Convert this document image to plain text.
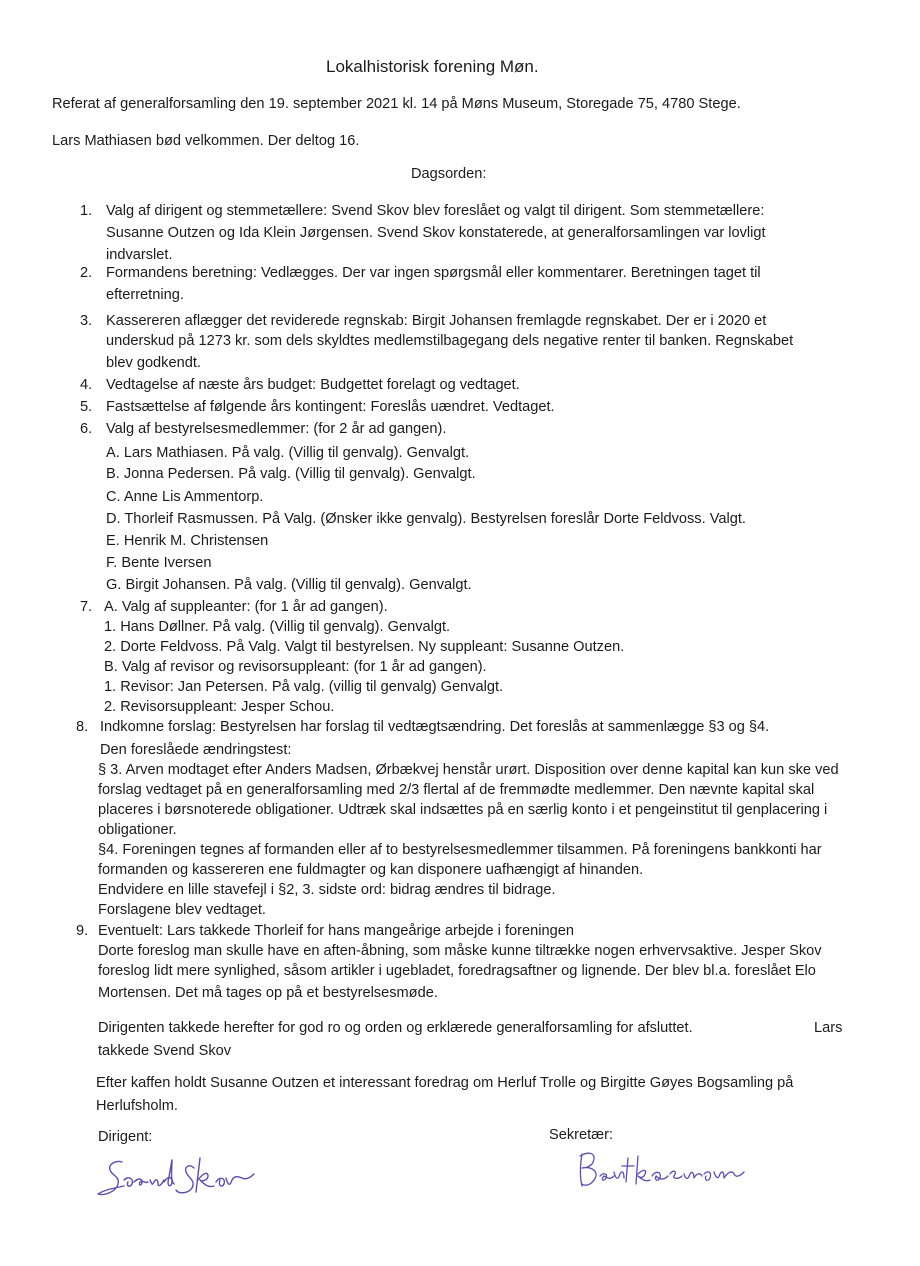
Lokalhistorisk forening Møn.
Referat af generalforsamling den 19. september 2021 kl. 14 på Møns Museum, Storegade 75, 4780 Stege.
Lars Mathiasen bød velkommen. Der deltog 16.
Dagsorden:
1. Valg af dirigent og stemmetællere: Svend Skov blev foreslået og valgt til dirigent. Som stemmetællere:
Susanne Outzen og Ida Klein Jørgensen. Svend Skov konstaterede, at generalforsamlingen var lovligt
indvarslet.
2. Formandens beretning: Vedlægges. Der var ingen spørgsmål eller kommentarer. Beretningen taget til
efterretning.
3. Kassereren aflægger det reviderede regnskab: Birgit Johansen fremlagde regnskabet. Der er i 2020 et
underskud på 1273 kr. som dels skyldtes medlemstilbagegang dels negative renter til banken. Regnskabet
blev godkendt.
4. Vedtagelse af næste års budget: Budgettet forelagt og vedtaget.
5. Fastsættelse af følgende års kontingent: Foreslås uændret. Vedtaget.
6. Valg af bestyrelsesmedlemmer: (for 2 år ad gangen).
A. Lars Mathiasen. På valg. (Villig til genvalg). Genvalgt.
B. Jonna Pedersen. På valg. (Villig til genvalg). Genvalgt.
C. Anne Lis Ammentorp.
D. Thorleif Rasmussen. På Valg. (Ønsker ikke genvalg). Bestyrelsen foreslår Dorte Feldvoss. Valgt.
E. Henrik M. Christensen
F. Bente Iversen
G. Birgit Johansen. På valg. (Villig til genvalg). Genvalgt.
7. A. Valg af suppleanter: (for 1 år ad gangen).
1. Hans Døllner. På valg. (Villig til genvalg). Genvalgt.
2. Dorte Feldvoss. På Valg. Valgt til bestyrelsen. Ny suppleant: Susanne Outzen.
B. Valg af revisor og revisorsuppleant: (for 1 år ad gangen).
1. Revisor: Jan Petersen. På valg. (villig til genvalg) Genvalgt.
2. Revisorsuppleant: Jesper Schou.
8. Indkomne forslag: Bestyrelsen har forslag til vedtægtsændring. Det foreslås at sammenlægge §3 og §4.
Den foreslåede ændringstest:
§ 3. Arven modtaget efter Anders Madsen, Ørbækvej henstår urørt. Disposition over denne kapital kan kun ske ved
forslag vedtaget på en generalforsamling med 2/3 flertal af de fremmødte medlemmer. Den nævnte kapital skal
placeres i børsnoterede obligationer. Udtræk skal indsættes på en særlig konto i et pengeinstitut til genplacering i
obligationer.
§4. Foreningen tegnes af formanden eller af to bestyrelsesmedlemmer tilsammen. På foreningens bankkonti har
formanden og kassereren ene fuldmagter og kan disponere uafhængigt af hinanden.
Endvidere en lille stavefejl i §2, 3. sidste ord: bidrag ændres til bidrage.
Forslagene blev vedtaget.
9. Eventuelt: Lars takkede Thorleif for hans mangeårige arbejde i foreningen
Dorte foreslog man skulle have en aften-åbning, som måske kunne tiltrække nogen erhvervsaktive. Jesper Skov
foreslog lidt mere synlighed, såsom artikler i ugebladet, foredragsaftner og lignende. Der blev bl.a. foreslået Elo
Mortensen. Det må tages op på et bestyrelsesmøde.
Dirigenten takkede herefter for god ro og orden og erklærede generalforsamling for afsluttet.	Lars
takkede Svend Skov
Efter kaffen holdt Susanne Outzen et interessant foredrag om Herluf Trolle og Birgitte Gøyes Bogsamling på
Herlufsholm.
Dirigent:	Sekretær:
